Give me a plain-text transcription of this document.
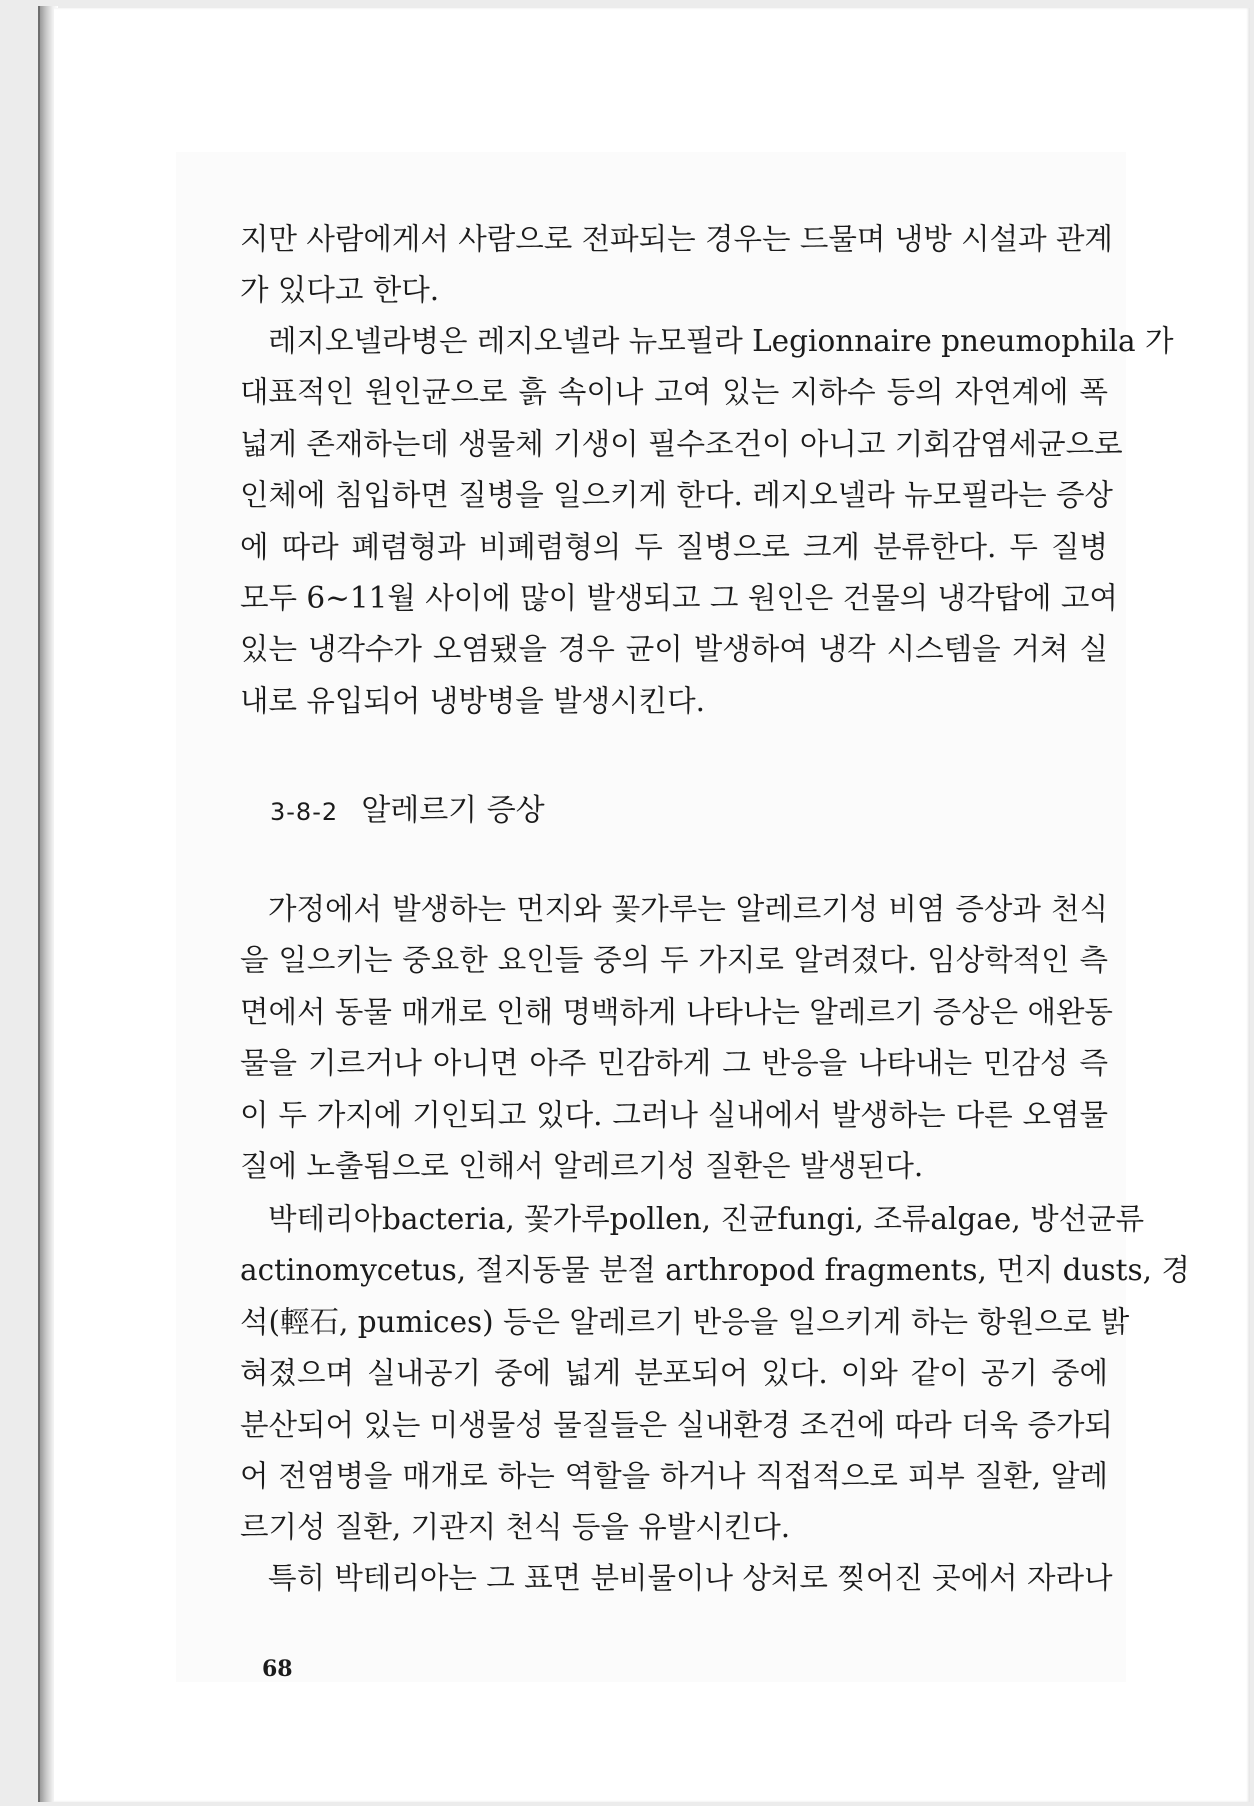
지만 사람에게서 사람으로 전파되는 경우는 드물며 냉방 시설과 관계
가 있다고 한다.
레지오넬라병은 레지오넬라 뉴모필라 Legionnaire pneumophila 가
대표적인 원인균으로 흙 속이나 고여 있는 지하수 등의 자연계에 폭
넓게 존재하는데 생물체 기생이 필수조건이 아니고 기회감염세균으로
인체에 침입하면 질병을 일으키게 한다. 레지오넬라 뉴모필라는 증상
에 따라 폐렴형과 비폐렴형의 두 질병으로 크게 분류한다. 두 질병
모두 6~11월 사이에 많이 발생되고 그 원인은 건물의 냉각탑에 고여
있는 냉각수가 오염됐을 경우 균이 발생하여 냉각 시스템을 거쳐 실
내로 유입되어 냉방병을 발생시킨다.
3-8-2 알레르기 증상
가정에서 발생하는 먼지와 꽃가루는 알레르기성 비염 증상과 천식
을 일으키는 중요한 요인들 중의 두 가지로 알려졌다. 임상학적인 측
면에서 동물 매개로 인해 명백하게 나타나는 알레르기 증상은 애완동
물을 기르거나 아니면 아주 민감하게 그 반응을 나타내는 민감성 즉
이 두 가지에 기인되고 있다. 그러나 실내에서 발생하는 다른 오염물
질에 노출됨으로 인해서 알레르기성 질환은 발생된다.
박테리아bacteria, 꽃가루pollen, 진균fungi, 조류algae, 방선균류
actinomycetus, 절지동물 분절 arthropod fragments, 먼지 dusts, 경
석(輕石, pumices) 등은 알레르기 반응을 일으키게 하는 항원으로 밝
혀졌으며 실내공기 중에 넓게 분포되어 있다. 이와 같이 공기 중에
분산되어 있는 미생물성 물질들은 실내환경 조건에 따라 더욱 증가되
어 전염병을 매개로 하는 역할을 하거나 직접적으로 피부 질환, 알레
르기성 질환, 기관지 천식 등을 유발시킨다.
특히 박테리아는 그 표면 분비물이나 상처로 찢어진 곳에서 자라나
68
